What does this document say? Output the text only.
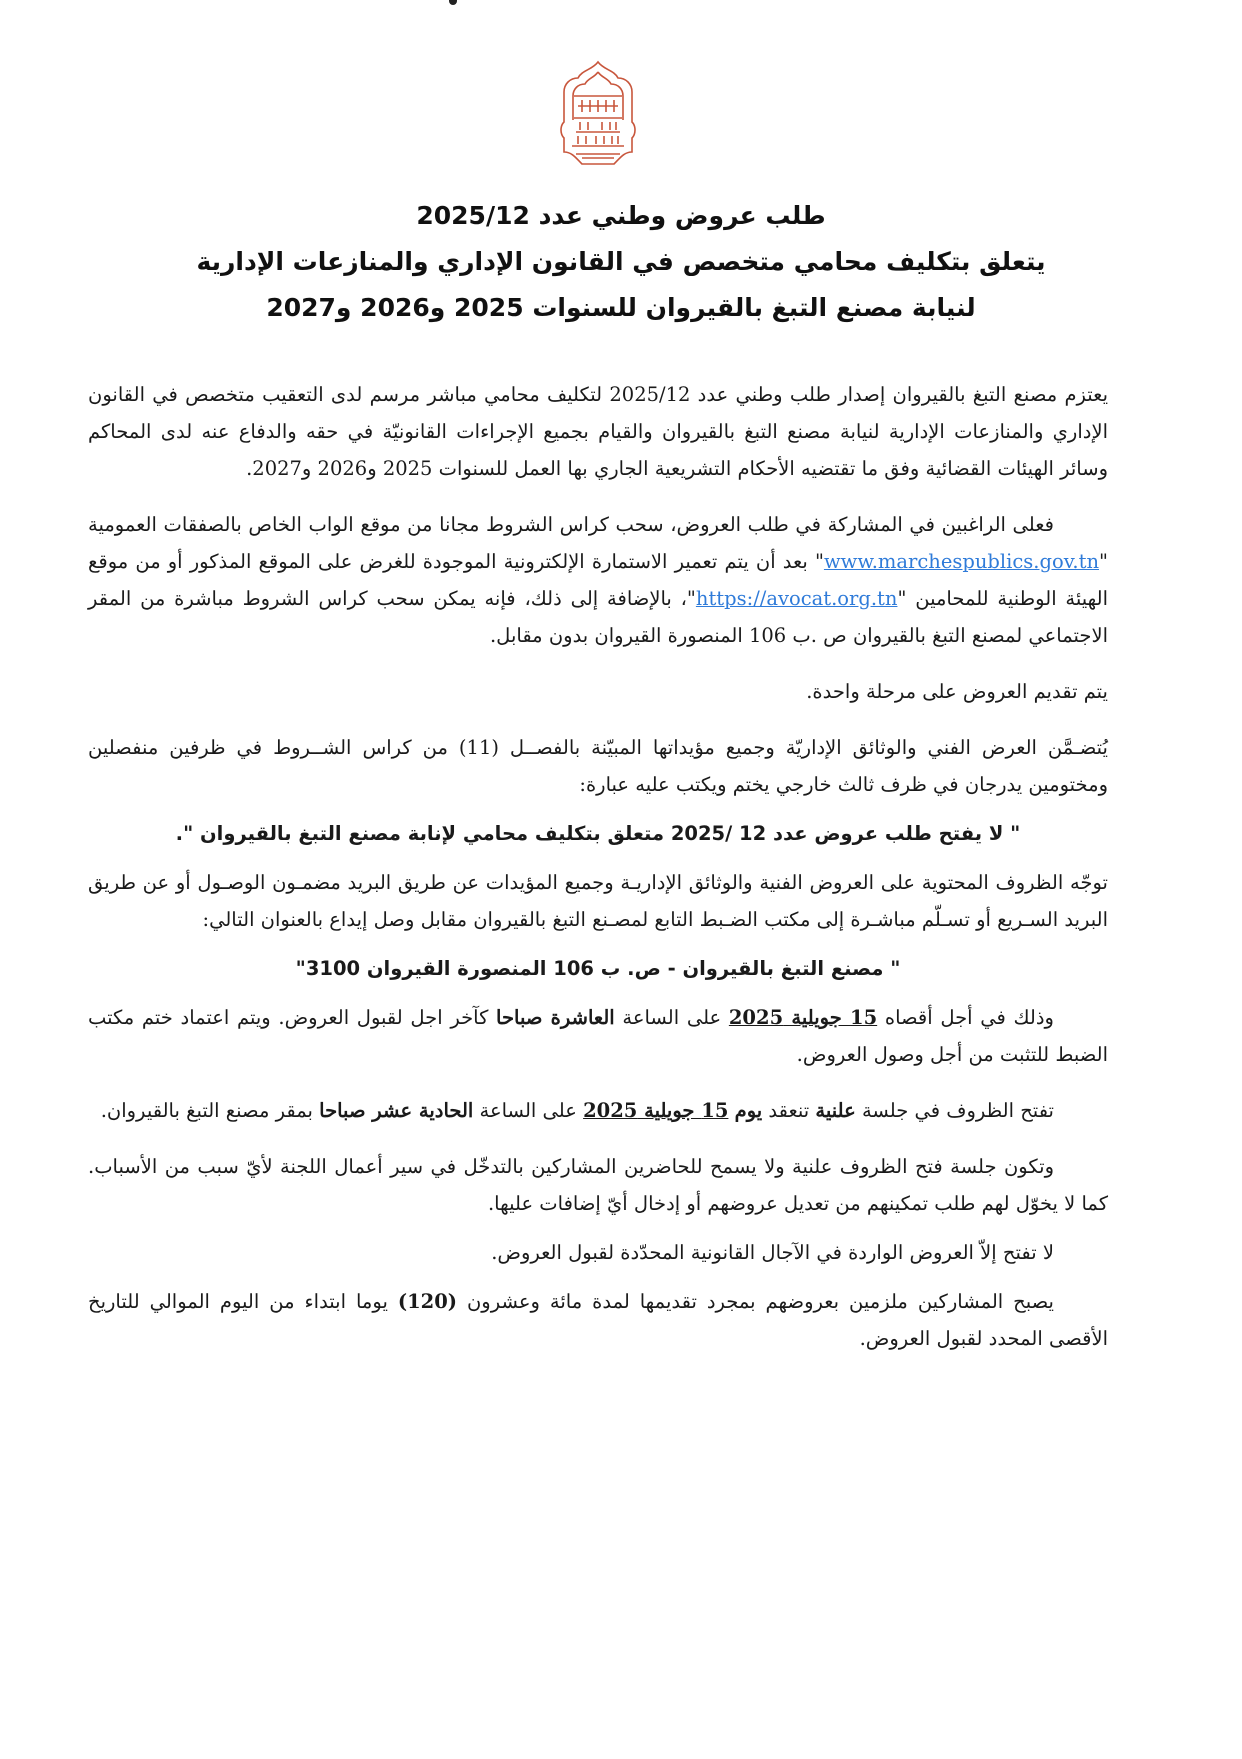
طلب عروض وطني عدد 2025/12
يتعلق بتكليف محامي متخصص في القانون الإداري والمنازعات الإدارية
لنيابة مصنع التبغ بالقيروان للسنوات 2025 و2026 و2027

يعتزم مصنع التبغ بالقيروان إصدار طلب وطني عدد 2025/12 لتكليف محامي مباشر مرسم لدى التعقيب متخصص في القانون الإداري والمنازعات الإدارية لنيابة مصنع التبغ بالقيروان والقيام بجميع الإجراءات القانونيّة في حقه والدفاع عنه لدى المحاكم وسائر الهيئات القضائية وفق ما تقتضيه الأحكام التشريعية الجاري بها العمل للسنوات 2025 و2026 و2027.

فعلى الراغبين في المشاركة في طلب العروض، سحب كراس الشروط مجانا من موقع الواب الخاص بالصفقات العمومية "www.marchespublics.gov.tn" بعد أن يتم تعمير الاستمارة الإلكترونية الموجودة للغرض على الموقع المذكور أو من موقع الهيئة الوطنية للمحامين "https://avocat.org.tn"، بالإضافة إلى ذلك، فإنه يمكن سحب كراس الشروط مباشرة من المقر الاجتماعي لمصنع التبغ بالقيروان ص .ب 106 المنصورة القيروان بدون مقابل.

يتم تقديم العروض على مرحلة واحدة.

يُتضـمَّن العرض الفني والوثائق الإداريّة وجميع مؤيداتها المبيّنة بالفصــل (11) من كراس الشــروط في ظرفين منفصلين ومختومين يدرجان في ظرف ثالث خارجي يختم ويكتب عليه عبارة:

" لا يفتح طلب عروض عدد 12 /2025 متعلق بتكليف محامي لإنابة مصنع التبغ بالقيروان ".

توجّه الظروف المحتوية على العروض الفنية والوثائق الإداريـة وجميع المؤيدات عن طريق البريد مضمـون الوصـول أو عن طريق البريد السـريع أو تسـلّم مباشـرة إلى مكتب الضـبط التابع لمصـنع التبغ بالقيروان مقابل وصل إيداع بالعنوان التالي:

" مصنع التبغ بالقيروان - ص. ب 106 المنصورة القيروان 3100"

وذلك في أجل أقصاه 15 جويلية 2025 على الساعة العاشرة صباحا كآخر اجل لقبول العروض. ويتم اعتماد ختم مكتب الضبط للتثبت من أجل وصول العروض.

تفتح الظروف في جلسة علنية تنعقد يوم 15 جويلية 2025 على الساعة الحادية عشر صباحا بمقر مصنع التبغ بالقيروان.

وتكون جلسة فتح الظروف علنية ولا يسمح للحاضرين المشاركين بالتدخّل في سير أعمال اللجنة لأيّ سبب من الأسباب. كما لا يخوّل لهم طلب تمكينهم من تعديل عروضهم أو إدخال أيّ إضافات عليها.

لا تفتح إلاّ العروض الواردة في الآجال القانونية المحدّدة لقبول العروض.

يصبح المشاركين ملزمين بعروضهم بمجرد تقديمها لمدة مائة وعشرون (120) يوما ابتداء من اليوم الموالي للتاريخ الأقصى المحدد لقبول العروض.
